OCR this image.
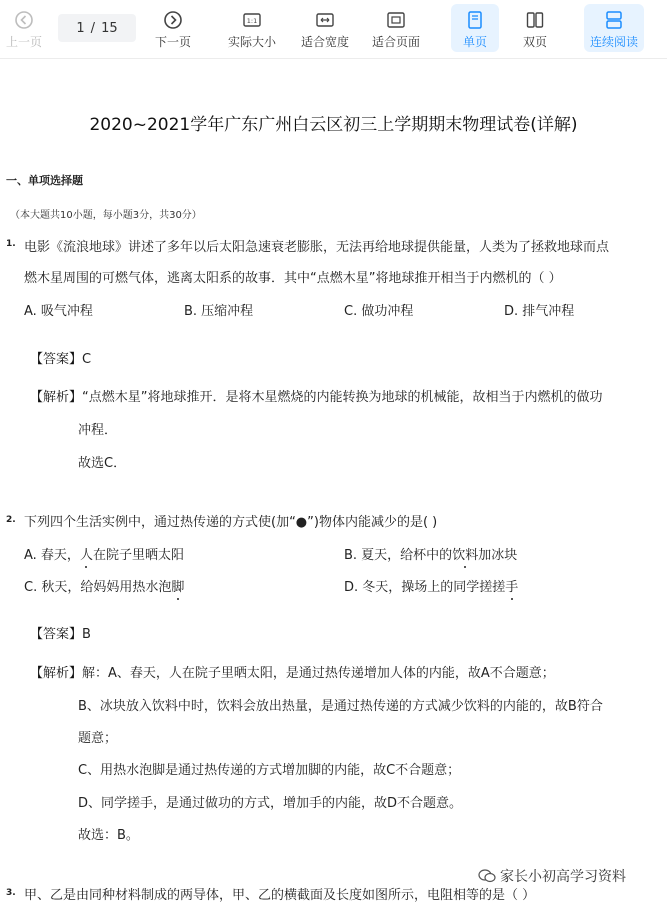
上一页
1 / 15
下一页
1:1
实际大小	适合宽度	适合页面	单页	双页	连续阅读
2020~2021学年广东广州白云区初三上学期期末物理试卷(详解)
一、单项选择题
（本大题共10小题，每小题3分，共30分）
1. 电影《流浪地球》讲述了多年以后太阳急速衰老膨胀，无法再给地球提供能量，人类为了拯救地球而点
燃木星周围的可燃气体，逃离太阳系的故事．其中“点燃木星”将地球推开相当于内燃机的（ ）
A. 吸气冲程	B. 压缩冲程	C. 做功冲程	D. 排气冲程
【答案】C
【解析】“点燃木星”将地球推开．是将木星燃烧的内能转换为地球的机械能，故相当于内燃机的做功
冲程．
故选C．
2. 下列四个生活实例中，通过热传递的方式使(加“●”)物体内能减少的是( )
A. 春天，人在院子里晒太阳	B. 夏天，给杯中的饮料加冰块
C. 秋天，给妈妈用热水泡脚	D. 冬天，操场上的同学搓搓手
【答案】B
【解析】解：A、春天，人在院子里晒太阳，是通过热传递增加人体的内能，故A不合题意；
B、冰块放入饮料中时，饮料会放出热量，是通过热传递的方式减少饮料的内能的，故B符合
题意；
C、用热水泡脚是通过热传递的方式增加脚的内能，故C不合题意；
D、同学搓手，是通过做功的方式，增加手的内能，故D不合题意。
故选：B。
3. 甲、乙是由同种材料制成的两导体，甲、乙的横截面及长度如图所示，电阻相等的是（ ）
家长小初高学习资料
